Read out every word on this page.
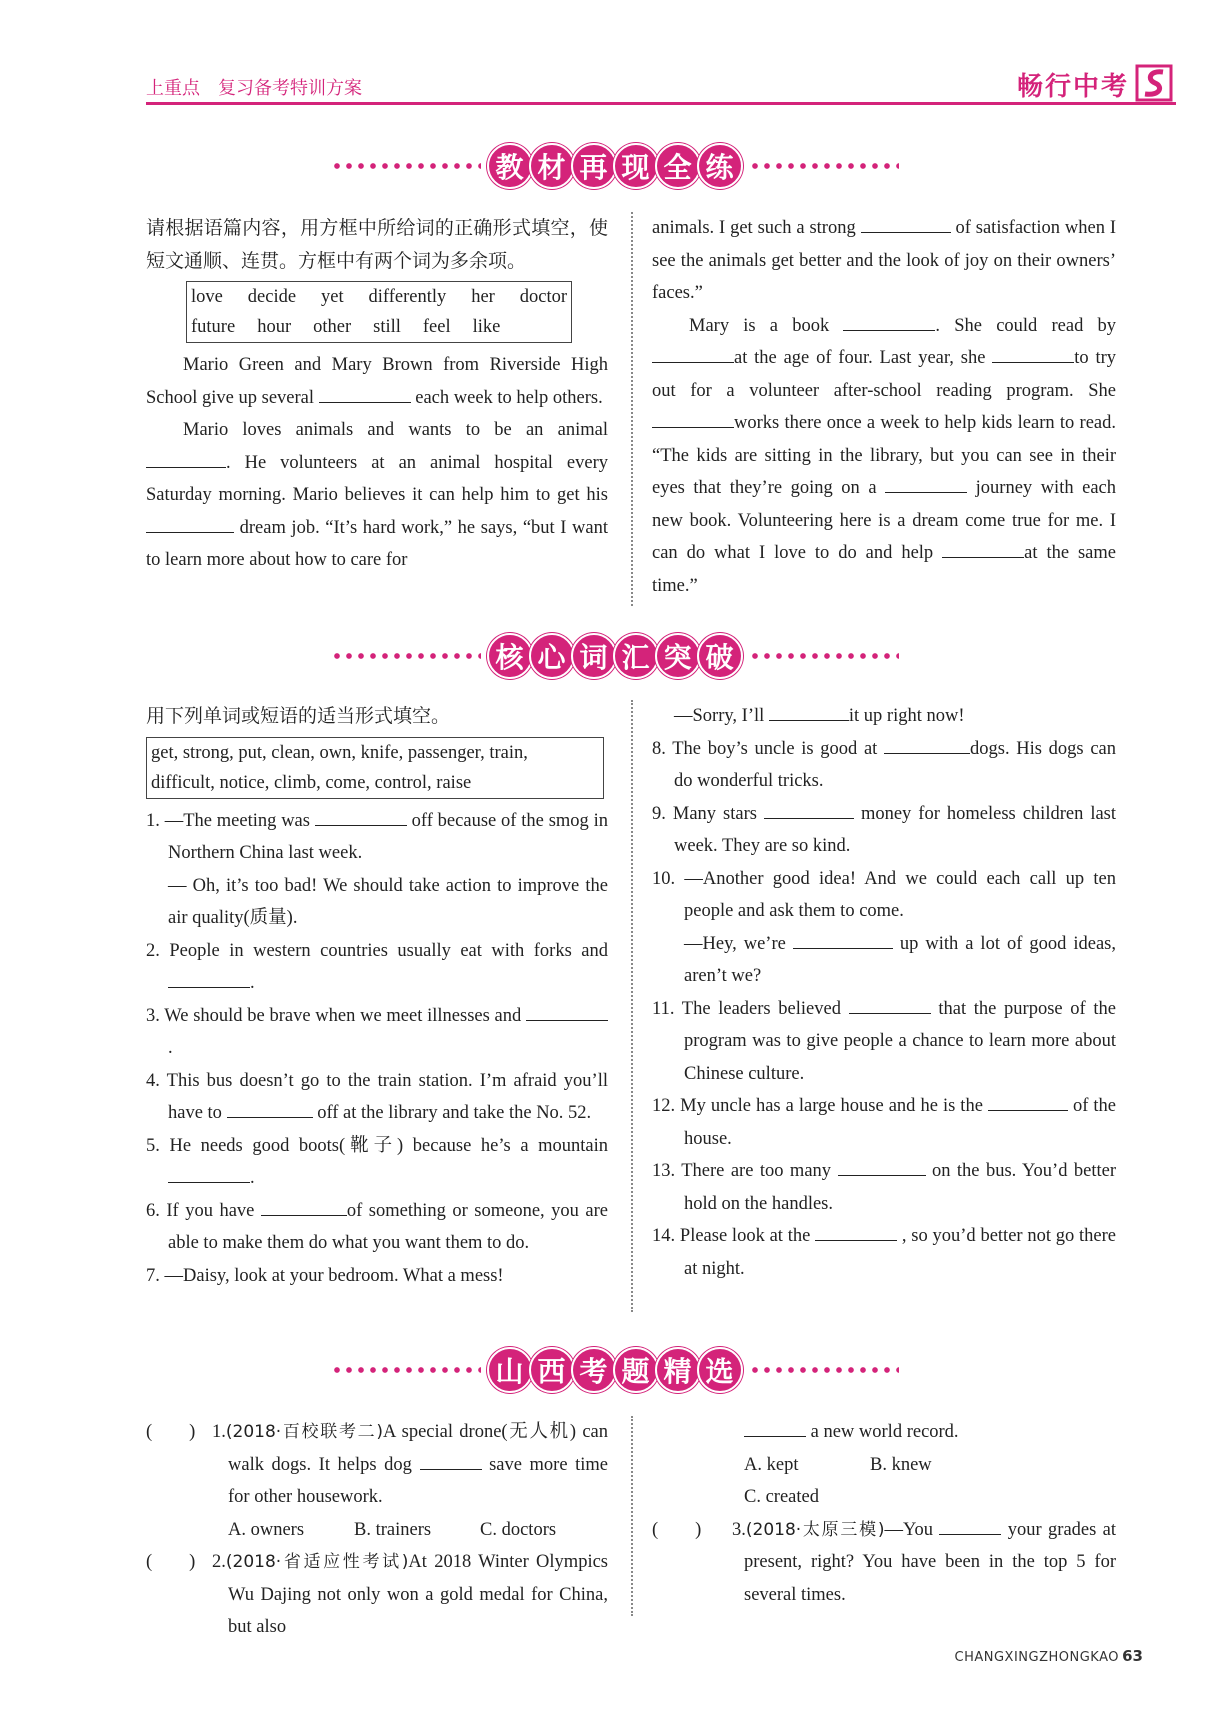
上重点 复习备考特训方案	畅行中考
教 材 再 现 全 练
请根据语篇内容，用方框中所给词的正确形式填空，使短文通顺、连贯。方框中有两个词为多余项。
love decide yet differently her doctor
future hour other still feel like
Mario Green and Mary Brown from Riverside High School give up several	each week to help others.
Mario loves animals and wants to be an animal . He volunteers at an animal hospital every Saturday morning. Mario believes it can help him to get his  dream job. “It’s hard work,” he says, “but I want to learn more about how to care for
animals. I get such a strong	of satisfaction when I see the animals get better and the look of joy on their owners’ faces.”
Mary is a book	. She could read by at the age of four. Last year, she	to try out for a volunteer after-school reading program. She works there once a week to help kids learn to read. “The kids are sitting in the library, but you can see in their eyes that they’re going on a	journey with each new book. Volunteering here is a dream come true for me. I can do what I love to do and help	at the same time.”
核 心 词 汇 突 破
用下列单词或短语的适当形式填空。
get, strong, put, clean, own, knife, passenger, train,
difficult, notice, climb, come, control, raise
1. —The meeting was	off because of the smog in Northern China last week.
— Oh, it’s too bad! We should take action to improve the air quality(质量).
2. People in western countries usually eat with forks and .
3. We should be brave when we meet illnesses and .
4. This bus doesn’t go to the train station. I’m afraid you’ll have to	off at the library and take the No. 52.
5. He needs good boots(靴子) because he’s a mountain .
6. If you have	of something or someone, you are able to make them do what you want them to do.
7. —Daisy, look at your bedroom. What a mess!
—Sorry, I’ll	it up right now!
8. The boy’s uncle is good at	dogs. His dogs can do wonderful tricks.
9. Many stars	money for homeless children last week. They are so kind.
10. —Another good idea! And we could each call up ten people and ask them to come.
—Hey, we’re	up with a lot of good ideas, aren’t we?
11. The leaders believed	that the purpose of the program was to give people a chance to learn more about Chinese culture.
12. My uncle has a large house and he is the	of the house.
13. There are too many	on the bus. You’d better hold on the handles.
14. Please look at the	, so you’d better not go there at night.
山 西 考 题 精 选
(   ) 1.(2018·百校联考二)A special drone(无人机) can walk dogs. It helps dog	save more time for other housework.
A. owners	B. trainers	C. doctors
(   ) 2.(2018·省适应性考试)At 2018 Winter Olympics Wu Dajing not only won a gold medal for China, but also
a new world record.
A. kept	B. knewC. created
(   ) 3.(2018·太原三模)—You	your grades at present, right? You have been in the top 5 for several times.
CHANGXINGZHONGKAO 63
